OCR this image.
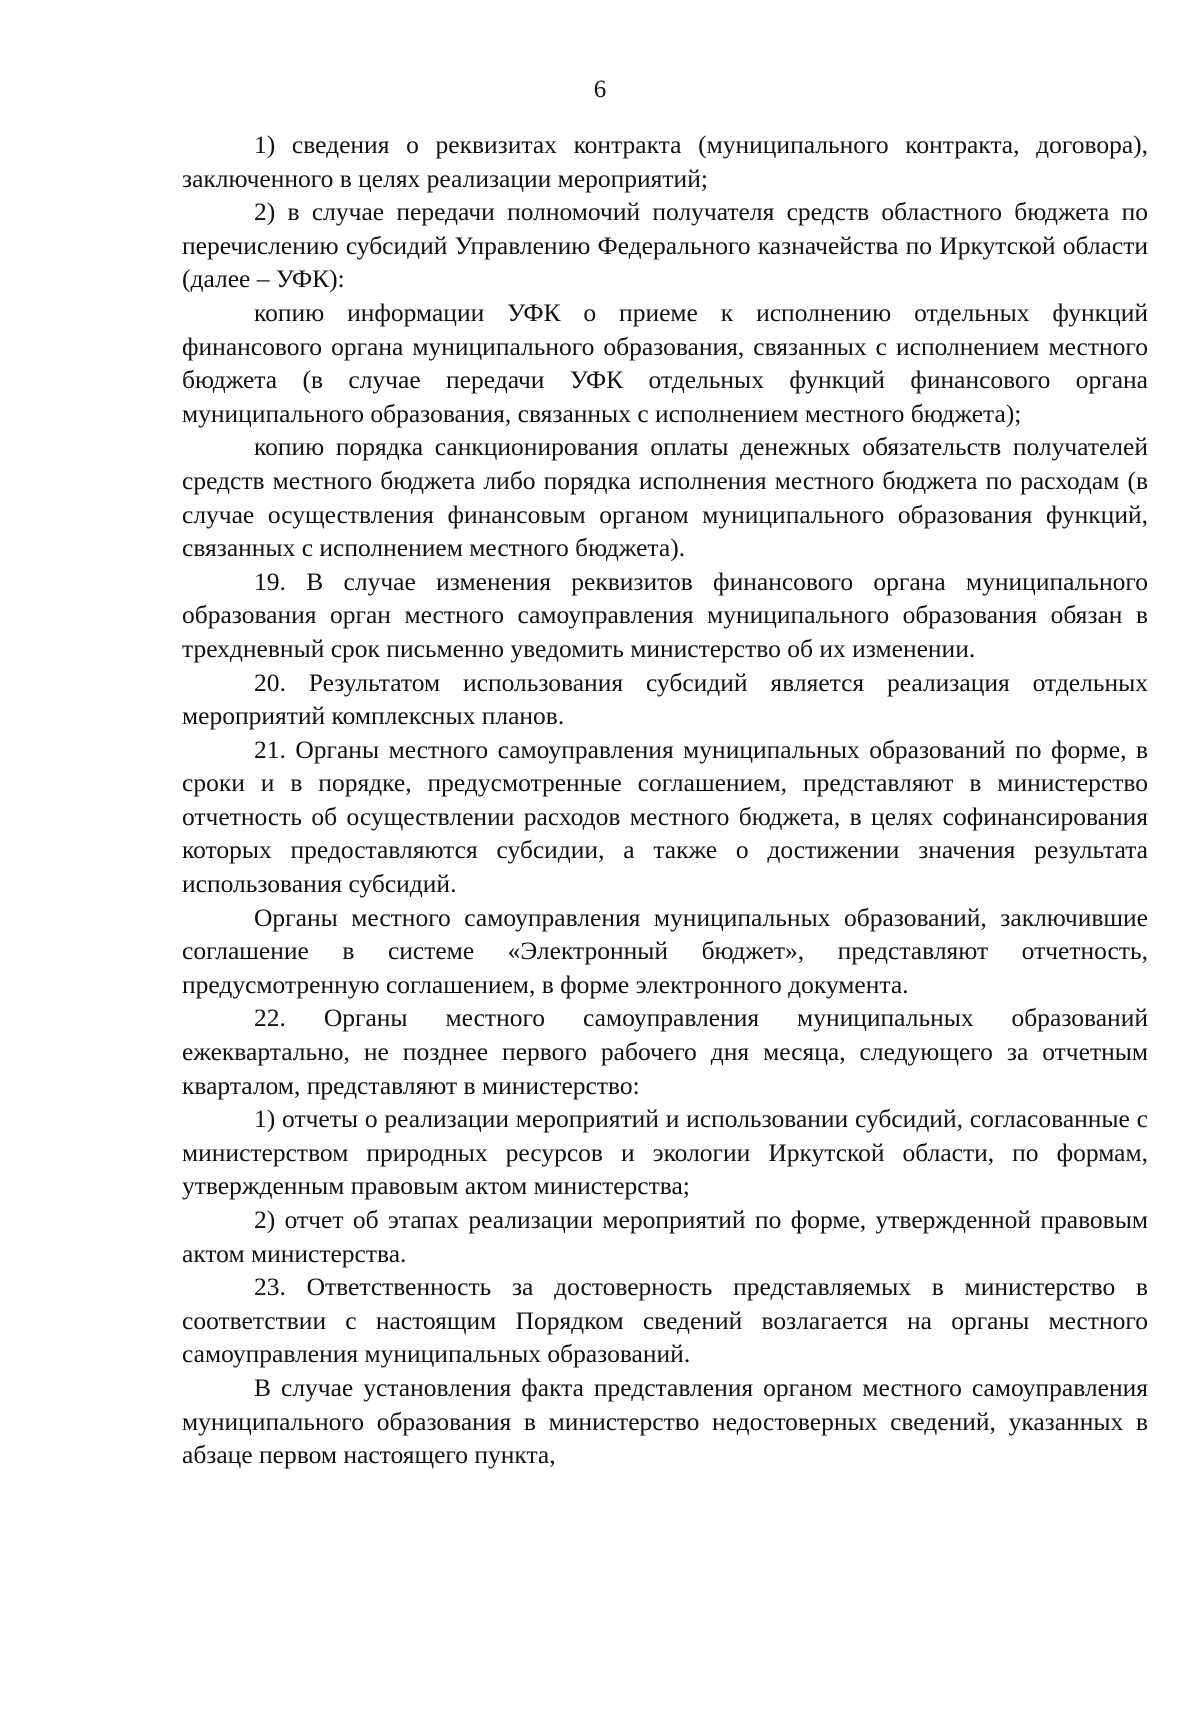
6

1) сведения о реквизитах контракта (муниципального контракта, договора), заключенного в целях реализации мероприятий;

2) в случае передачи полномочий получателя средств областного бюджета по перечислению субсидий Управлению Федерального казначейства по Иркутской области (далее – УФК):

копию информации УФК о приеме к исполнению отдельных функций финансового органа муниципального образования, связанных с исполнением местного бюджета (в случае передачи УФК отдельных функций финансового органа муниципального образования, связанных с исполнением местного бюджета);

копию порядка санкционирования оплаты денежных обязательств получателей средств местного бюджета либо порядка исполнения местного бюджета по расходам (в случае осуществления финансовым органом муниципального образования функций, связанных с исполнением местного бюджета).

19. В случае изменения реквизитов финансового органа муниципального образования орган местного самоуправления муниципального образования обязан в трехдневный срок письменно уведомить министерство об их изменении.

20. Результатом использования субсидий является реализация отдельных мероприятий комплексных планов.

21. Органы местного самоуправления муниципальных образований по форме, в сроки и в порядке, предусмотренные соглашением, представляют в министерство отчетность об осуществлении расходов местного бюджета, в целях софинансирования которых предоставляются субсидии, а также о достижении значения результата использования субсидий.

Органы местного самоуправления муниципальных образований, заключившие соглашение в системе «Электронный бюджет», представляют отчетность, предусмотренную соглашением, в форме электронного документа.

22. Органы местного самоуправления муниципальных образований ежеквартально, не позднее первого рабочего дня месяца, следующего за отчетным кварталом, представляют в министерство:

1) отчеты о реализации мероприятий и использовании субсидий, согласованные с министерством природных ресурсов и экологии Иркутской области, по формам, утвержденным правовым актом министерства;

2) отчет об этапах реализации мероприятий по форме, утвержденной правовым актом министерства.

23. Ответственность за достоверность представляемых в министерство в соответствии с настоящим Порядком сведений возлагается на органы местного самоуправления муниципальных образований.

В случае установления факта представления органом местного самоуправления муниципального образования в министерство недостоверных сведений, указанных в абзаце первом настоящего пункта,
